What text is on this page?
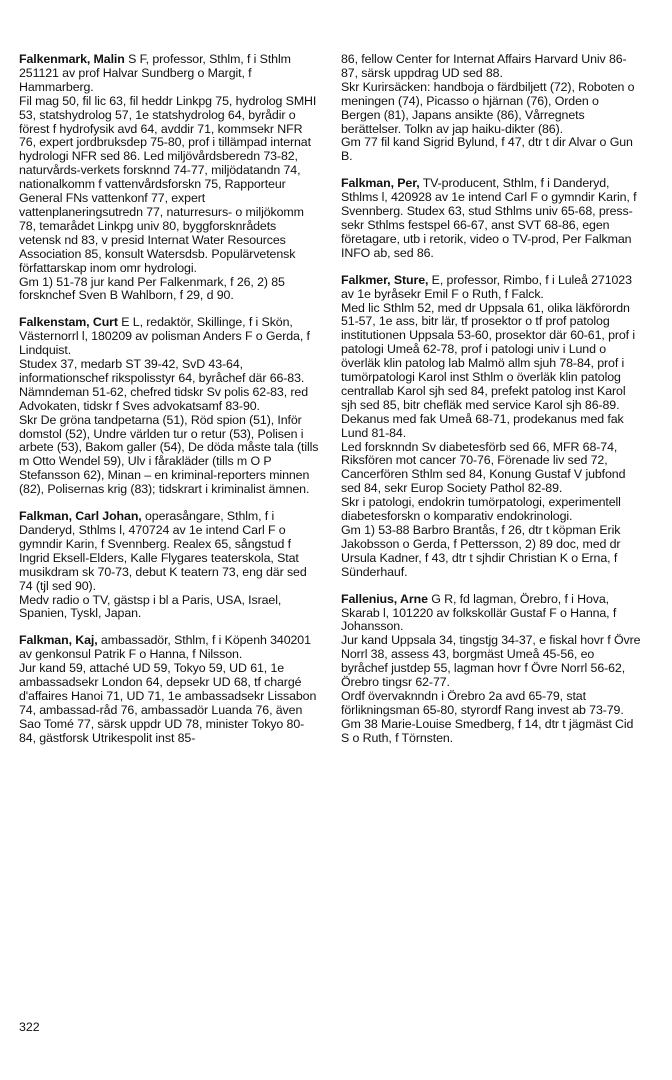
Falkenmark, Malin S F, professor, Sthlm, f i Sthlm 251121 av prof Halvar Sundberg o Margit, f Hammarberg.

Fil mag 50, fil lic 63, fil heddr Linkpg 75, hydrolog SMHI 53, statshydrolog 57, 1e statshydrolog 64, byrådir o förest f hydrofysik avd 64, avddir 71, kommsekr NFR 76, expert jordbruksdep 75-80, prof i tillämpad internat hydrologi NFR sed 86. Led miljövårdsberedn 73-82, naturvårds-verkets forsknnd 74-77, miljödatandn 74, nationalkomm f vattenvårdsforskn 75, Rapporteur General FNs vattenkonf 77, expert vattenplaneringsutredn 77, naturresurs- o miljökomm 78, temarådet Linkpg univ 80, byggforsknrådets vetensk nd 83, v presid Internat Water Resources Association 85, konsult Watersdsb. Populärvetensk författarskap inom omr hydrologi.

Gm 1) 51-78 jur kand Per Falkenmark, f 26, 2) 85 forsknchef Sven B Wahlborn, f 29, d 90.

Falkenstam, Curt E L, redaktör, Skillinge, f i Skön, Västernorrl l, 180209 av polisman Anders F o Gerda, f Lindquist.

Studex 37, medarb ST 39-42, SvD 43-64, informationschef rikspolisstyr 64, byråchef där 66-83.

Nämndeman 51-62, chefred tidskr Sv polis 62-83, red Advokaten, tidskr f Sves advokatsamf 83-90.

Skr De gröna tandpetarna (51), Röd spion (51), Inför domstol (52), Undre världen tur o retur (53), Polisen i arbete (53), Bakom galler (54), De döda måste tala (tills m Otto Wendel 59), Ulv i fårakläder (tills m O P Stefansson 62), Minan – en kriminal-reporters minnen (82), Polisernas krig (83); tidskrart i kriminalist ämnen.

Falkman, Carl Johan, operasångare, Sthlm, f i Danderyd, Sthlms l, 470724 av 1e intend Carl F o gymndir Karin, f Svennberg. Realex 65, sångstud f Ingrid Eksell-Elders, Kalle Flygares teaterskola, Stat musikdram sk 70-73, debut K teatern 73, eng där sed 74 (tjl sed 90).

Medv radio o TV, gästsp i bl a Paris, USA, Israel, Spanien, Tyskl, Japan.

Falkman, Kaj, ambassadör, Sthlm, f i Köpenh 340201 av genkonsul Patrik F o Hanna, f Nilsson.

Jur kand 59, attaché UD 59, Tokyo 59, UD 61, 1e ambassadsekr London 64, depsekr UD 68, tf chargé d'affaires Hanoi 71, UD 71, 1e ambassadsekr Lissabon 74, ambassad-råd 76, ambassadör Luanda 76, även Sao Tomé 77, särsk uppdr UD 78, minister Tokyo 80-84, gästforsk Utrikespolit inst 85-

86, fellow Center for Internat Affairs Harvard Univ 86-87, särsk uppdrag UD sed 88.

Skr Kurirsäcken: handboja o färdbiljett (72), Roboten o meningen (74), Picasso o hjärnan (76), Orden o Bergen (81), Japans ansikte (86), Vårregnets berättelser. Tolkn av jap haiku-dikter (86).

Gm 77 fil kand Sigrid Bylund, f 47, dtr t dir Alvar o Gun B.

Falkman, Per, TV-producent, Sthlm, f i Danderyd, Sthlms l, 420928 av 1e intend Carl F o gymndir Karin, f Svennberg. Studex 63, stud Sthlms univ 65-68, press-sekr Sthlms festspel 66-67, anst SVT 68-86, egen företagare, utb i retorik, video o TV-prod, Per Falkman INFO ab, sed 86.

Falkmer, Sture, E, professor, Rimbo, f i Luleå 271023 av 1e byråsekr Emil F o Ruth, f Falck.

Med lic Sthlm 52, med dr Uppsala 61, olika läkförordn 51-57, 1e ass, bitr lär, tf prosektor o tf prof patolog institutionen Uppsala 53-60, prosektor där 60-61, prof i patologi Umeå 62-78, prof i patologi univ i Lund o överläk klin patolog lab Malmö allm sjuh 78-84, prof i tumörpatologi Karol inst Sthlm o överläk klin patolog centrallab Karol sjh sed 84, prefekt patolog inst Karol sjh sed 85, bitr chefläk med service Karol sjh 86-89.

Dekanus med fak Umeå 68-71, prodekanus med fak Lund 81-84.

Led forsknndn Sv diabetesförb sed 66, MFR 68-74, Riksfören mot cancer 70-76, Förenade liv sed 72, Cancerfören Sthlm sed 84, Konung Gustaf V jubfond sed 84, sekr Europ Society Pathol 82-89.

Skr i patologi, endokrin tumörpatologi, experimentell diabetesforskn o komparativ endokrinologi.

Gm 1) 53-88 Barbro Brantås, f 26, dtr t köpman Erik Jakobsson o Gerda, f Pettersson, 2) 89 doc, med dr Ursula Kadner, f 43, dtr t sjhdir Christian K o Erna, f Sünderhauf.

Fallenius, Arne G R, fd lagman, Örebro, f i Hova, Skarab l, 101220 av folkskollär Gustaf F o Hanna, f Johansson.

Jur kand Uppsala 34, tingstjg 34-37, e fiskal hovr f Övre Norrl 38, assess 43, borgmäst Umeå 45-56, eo byråchef justdep 55, lagman hovr f Övre Norrl 56-62, Örebro tingsr 62-77.

Ordf övervaknndn i Örebro 2a avd 65-79, stat förlikningsman 65-80, styrordf Rang invest ab 73-79.

Gm 38 Marie-Louise Smedberg, f 14, dtr t jägmäst Cid S o Ruth, f Törnsten.

322
